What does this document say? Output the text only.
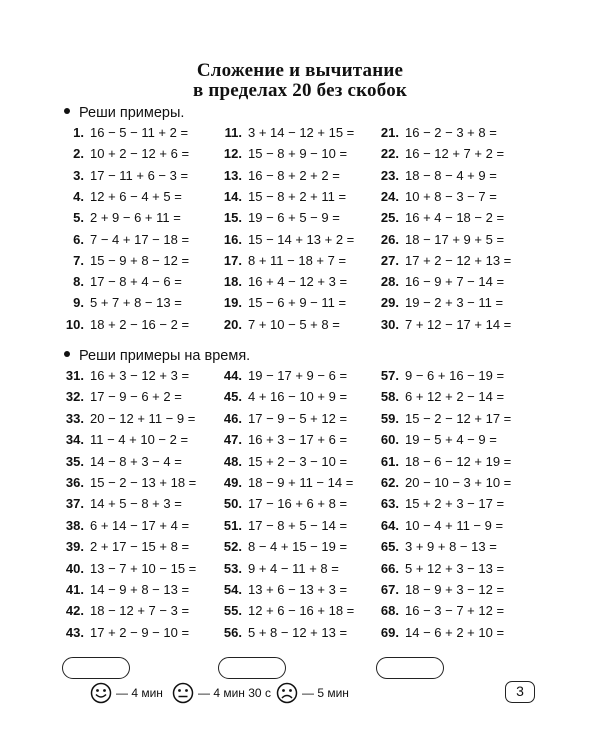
Сложение и вычитание
в пределах 20 без скобок
Реши примеры.
Реши примеры на время.
1. 16 − 5 − 11 + 2 =
2. 10 + 2 − 12 + 6 =
3. 17 − 11 + 6 − 3 =
4. 12 + 6 − 4 + 5 =
5. 2 + 9 − 6 + 11 =
6. 7 − 4 + 17 − 18 =
7. 15 − 9 + 8 − 12 =
8. 17 − 8 + 4 − 6 =
9. 5 + 7 + 8 − 13 =
10. 18 + 2 − 16 − 2 =
11. 3 + 14 − 12 + 15 =
12. 15 − 8 + 9 − 10 =
13. 16 − 8 + 2 + 2 =
14. 15 − 8 + 2 + 11 =
15. 19 − 6 + 5 − 9 =
16. 15 − 14 + 13 + 2 =
17. 8 + 11 − 18 + 7 =
18. 16 + 4 − 12 + 3 =
19. 15 − 6 + 9 − 11 =
20. 7 + 10 − 5 + 8 =
21. 16 − 2 − 3 + 8 =
22. 16 − 12 + 7 + 2 =
23. 18 − 8 − 4 + 9 =
24. 10 + 8 − 3 − 7 =
25. 16 + 4 − 18 − 2 =
26. 18 − 17 + 9 + 5 =
27. 17 + 2 − 12 + 13 =
28. 16 − 9 + 7 − 14 =
29. 19 − 2 + 3 − 11 =
30. 7 + 12 − 17 + 14 =
31. 16 + 3 − 12 + 3 =
32. 17 − 9 − 6 + 2 =
33. 20 − 12 + 11 − 9 =
34. 11 − 4 + 10 − 2 =
35. 14 − 8 + 3 − 4 =
36. 15 − 2 − 13 + 18 =
37. 14 + 5 − 8 + 3 =
38. 6 + 14 − 17 + 4 =
39. 2 + 17 − 15 + 8 =
40. 13 − 7 + 10 − 15 =
41. 14 − 9 + 8 − 13 =
42. 18 − 12 + 7 − 3 =
43. 17 + 2 − 9 − 10 =
44. 19 − 17 + 9 − 6 =
45. 4 + 16 − 10 + 9 =
46. 17 − 9 − 5 + 12 =
47. 16 + 3 − 17 + 6 =
48. 15 + 2 − 3 − 10 =
49. 18 − 9 + 11 − 14 =
50. 17 − 16 + 6 + 8 =
51. 17 − 8 + 5 − 14 =
52. 8 − 4 + 15 − 19 =
53. 9 + 4 − 11 + 8 =
54. 13 + 6 − 13 + 3 =
55. 12 + 6 − 16 + 18 =
56. 5 + 8 − 12 + 13 =
57. 9 − 6 + 16 − 19 =
58. 6 + 12 + 2 − 14 =
59. 15 − 2 − 12 + 17 =
60. 19 − 5 + 4 − 9 =
61. 18 − 6 − 12 + 19 =
62. 20 − 10 − 3 + 10 =
63. 15 + 2 + 3 − 17 =
64. 10 − 4 + 11 − 9 =
65. 3 + 9 + 8 − 13 =
66. 5 + 12 + 3 − 13 =
67. 18 − 9 + 3 − 12 =
68. 16 − 3 − 7 + 12 =
69. 14 − 6 + 2 + 10 =
— 4 мин	— 4 мин 30 с	— 5 мин	3
